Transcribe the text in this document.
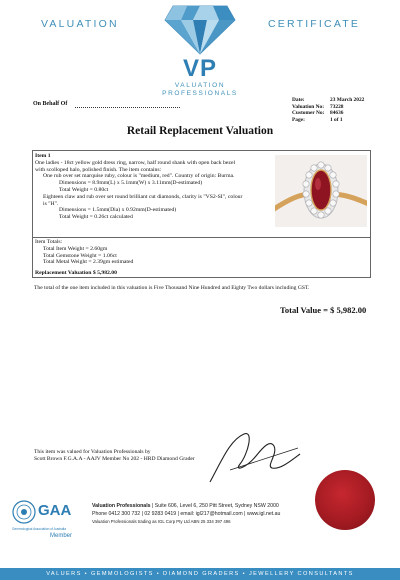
VALUATION	CERTIFICATE
VP
VALUATION
PROFESSIONALS
On Behalf Of
Date:	23 March 2022
Valuation No:	73228
Customer No:	84636
Page:	1 of 1
Retail Replacement Valuation
Item 1
One ladies - 18ct yellow gold dress ring, narrow, half round shank with open back bezel
with scolloped halo, polished finish. The item contains:
One rub over set marquise ruby, colour is "medium, red". Country of origin: Burma.
Dimensions = 8.9mm(L) x 5.1mm(W) x 3.11mm(D-estimated)
Total Weight = 0.80ct
Eighteen claw and rub over set round brilliant cut diamonds, clarity is "VS2-SI", colour
is "H".
Dimensions = 1.5mm(Dia) x 0.92mm(D-estimated)
Total Weight = 0.26ct calculated
Item Totals:
Total Item Weight = 2.60gm
Total Gemstone Weight = 1.06ct
Total Metal Weight = 2.39gm estimated
Replacement Valuation $ 5,982.00
The total of the one item included in this valuation is Five Thousand Nine Hundred and Eighty Two dollars including GST.
Total Value = $ 5,982.00
This item was valued for Valuation Professionals by
Scott Brown F.G.A.A - AAJV Member No 202 - HRD Diamond Grader
GAA
Gemmological Association of Australia
Member
Valuation Professionals | Suite 606, Level 6, 250 Pitt Street, Sydney NSW 2000
Phone 0412 300 732 | 02 9283 0419 | email: igl217@hotmail.com | www.igl.net.au
Valuation Professionals trading as IGL Corp Pty Ltd ABN 25 334 397 496
VALUERS • GEMMOLOGISTS • DIAMOND GRADERS • JEWELLERY CONSULTANTS
